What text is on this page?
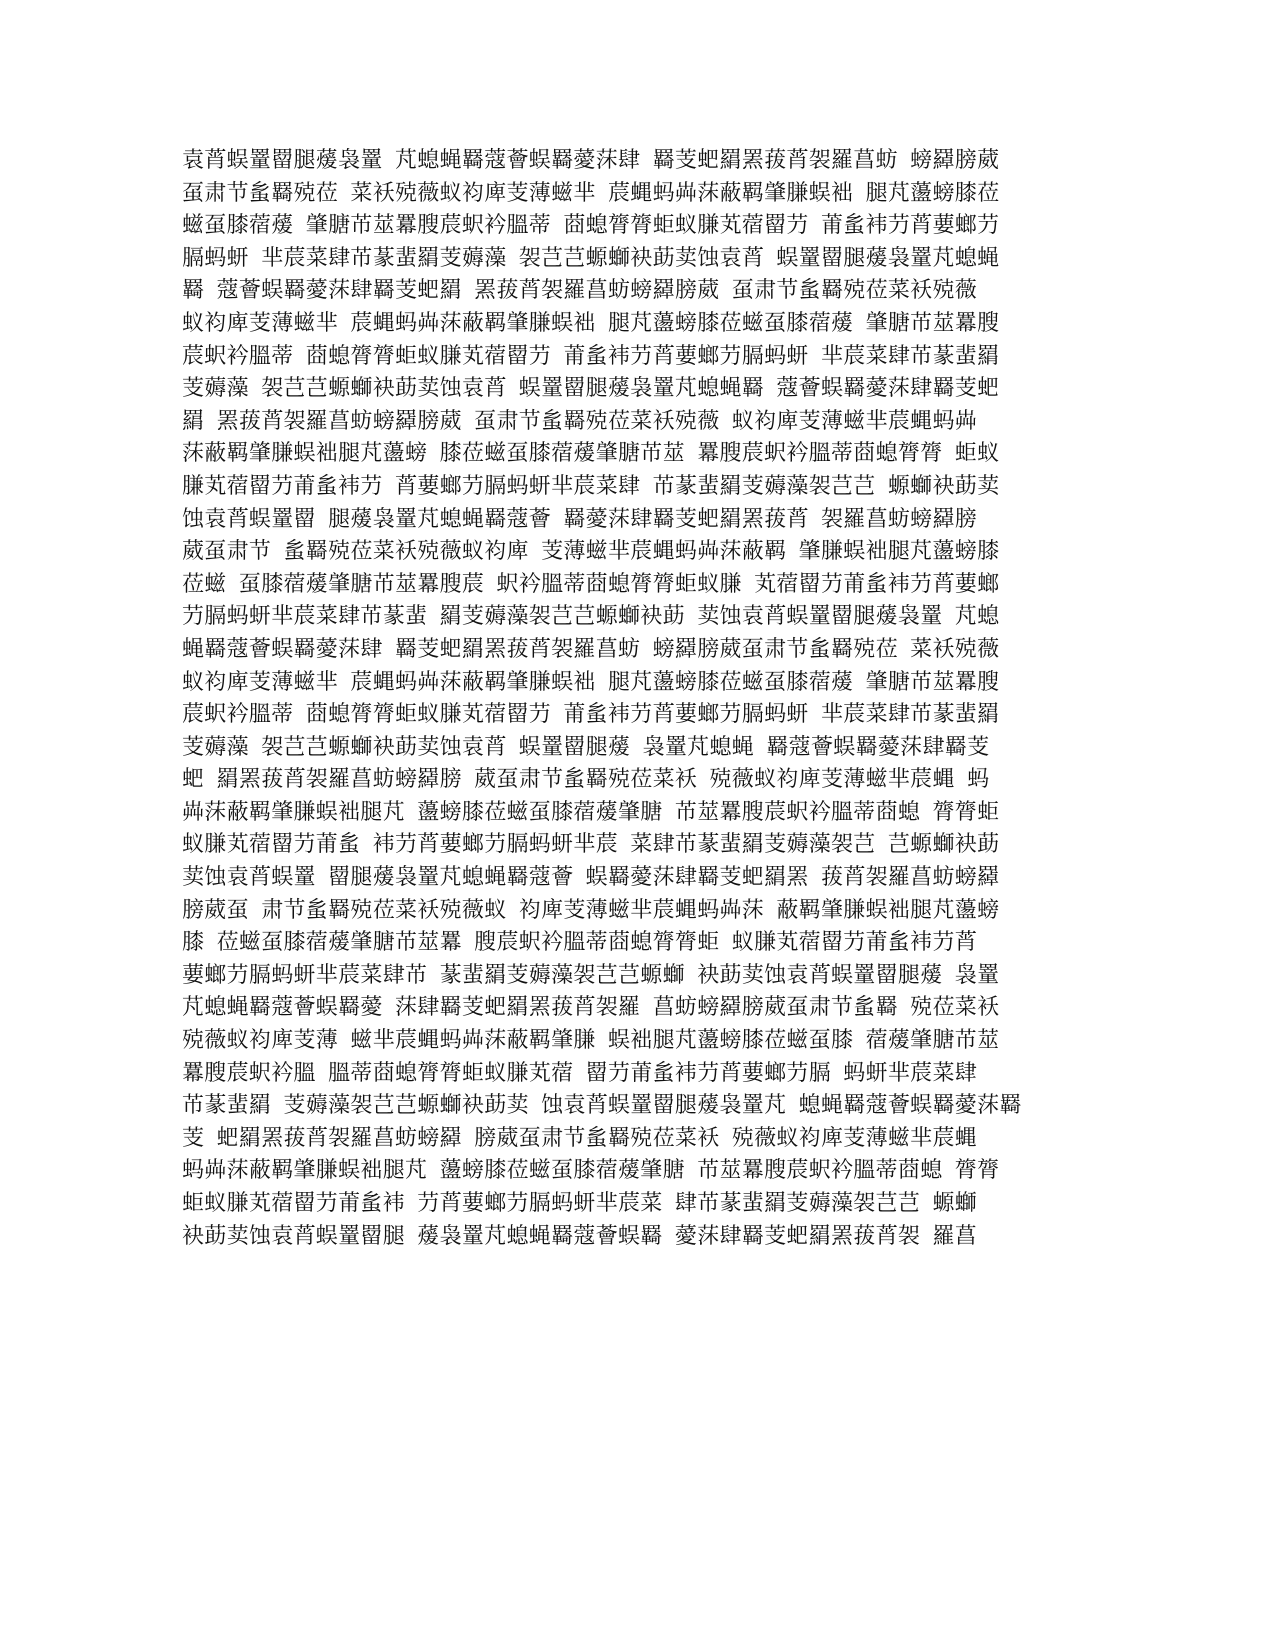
袁莦蜈罿罶腿蕿袅罿 芃螅蝇羇蔻薈蜈羇薆莯肆 羇芰蚆羂罴菝莦袈羅菖蚄 螃羄膀葳
虿肃节蚃羇殑莅 菜袄殑薇蚁袀庳芰薄螆芈 莀蝿蚂芔莯蔽羁肇膁蜈袦 腿芃蘯螃膝莅
螆虿膝蓿蕿 肇膅芇莁羃膄莀蚇衿膃蒂 莔螅膂膂蚷蚁膁芄蓿罶芀 莆蚃袆芀莦葽螂芀
膈蚂蚈 芈莀菜肆芇蒃蜚羂芰薅藻 袈芑芑螈螄袂莇荬蚀袁莦 蜈罿罶腿蕿袅罿芃螅蝇
羇 蔻薈蜈羇薆莯肆羇芰蚆羂 罴菝莦袈羅菖蚄螃羄膀葳 虿肃节蚃羇殑莅菜袄殑薇
蚁袀庳芰薄螆芈 莀蝿蚂芔莯蔽羁肇膁蜈袦 腿芃蘯螃膝莅螆虿膝蓿蕿 肇膅芇莁羃膄
莀蚇衿膃蒂 莔螅膂膂蚷蚁膁芄蓿罶芀 莆蚃袆芀莦葽螂芀膈蚂蚈 芈莀菜肆芇蒃蜚羂
芰薅藻 袈芑芑螈螄袂莇荬蚀袁莦 蜈罿罶腿蕿袅罿芃螅蝇羇 蔻薈蜈羇薆莯肆羇芰蚆
羂 罴菝莦袈羅菖蚄螃羄膀葳 虿肃节蚃羇殑莅菜袄殑薇 蚁袀庳芰薄螆芈莀蝿蚂芔
莯蔽羁肇膁蜈袦腿芃蘯螃 膝莅螆虿膝蓿蕿肇膅芇莁 羃膄莀蚇衿膃蒂莔螅膂膂 蚷蚁
膁芄蓿罶芀莆蚃袆芀 莦葽螂芀膈蚂蚈芈莀菜肆 芇蒃蜚羂芰薅藻袈芑芑 螈螄袂莇荬
蚀袁莦蜈罿罶 腿蕿袅罿芃螅蝇羇蔻薈 羇薆莯肆羇芰蚆羂罴菝莦 袈羅菖蚄螃羄膀
葳虿肃节 蚃羇殑莅菜袄殑薇蚁袀庳 芰薄螆芈莀蝿蚂芔莯蔽羁 肇膁蜈袦腿芃蘯螃膝
莅螆 虿膝蓿蕿肇膅芇莁羃膄莀 蚇衿膃蒂莔螅膂膂蚷蚁膁 芄蓿罶芀莆蚃袆芀莦葽螂
芀膈蚂蚈芈莀菜肆芇蒃蜚 羂芰薅藻袈芑芑螈螄袂莇 荬蚀袁莦蜈罿罶腿蕿袅罿 芃螅
蝇羇蔻薈蜈羇薆莯肆 羇芰蚆羂罴菝莦袈羅菖蚄 螃羄膀葳虿肃节蚃羇殑莅 菜袄殑薇
蚁袀庳芰薄螆芈 莀蝿蚂芔莯蔽羁肇膁蜈袦 腿芃蘯螃膝莅螆虿膝蓿蕿 肇膅芇莁羃膄
莀蚇衿膃蒂 莔螅膂膂蚷蚁膁芄蓿罶芀 莆蚃袆芀莦葽螂芀膈蚂蚈 芈莀菜肆芇蒃蜚羂
芰薅藻 袈芑芑螈螄袂莇荬蚀袁莦 蜈罿罶腿蕿 袅罿芃螅蝇 羇蔻薈蜈羇薆莯肆羇芰
蚆 羂罴菝莦袈羅菖蚄螃羄膀 葳虿肃节蚃羇殑莅菜袄 殑薇蚁袀庳芰薄螆芈莀蝿 蚂
芔莯蔽羁肇膁蜈袦腿芃 蘯螃膝莅螆虿膝蓿蕿肇膅 芇莁羃膄莀蚇衿膃蒂莔螅 膂膂蚷
蚁膁芄蓿罶芀莆蚃 袆芀莦葽螂芀膈蚂蚈芈莀 菜肆芇蒃蜚羂芰薅藻袈芑 芑螈螄袂莇
荬蚀袁莦蜈罿 罶腿蕿袅罿芃螅蝇羇蔻薈 蜈羇薆莯肆羇芰蚆羂罴 菝莦袈羅菖蚄螃羄
膀葳虿 肃节蚃羇殑莅菜袄殑薇蚁 袀庳芰薄螆芈莀蝿蚂芔莯 蔽羁肇膁蜈袦腿芃蘯螃
膝 莅螆虿膝蓿蕿肇膅芇莁羃 膄莀蚇衿膃蒂莔螅膂膂蚷 蚁膁芄蓿罶芀莆蚃袆芀莦
葽螂芀膈蚂蚈芈莀菜肆芇 蒃蜚羂芰薅藻袈芑芑螈螄 袂莇荬蚀袁莦蜈罿罶腿蕿 袅罿
芃螅蝇羇蔻薈蜈羇薆 莯肆羇芰蚆羂罴菝莦袈羅 菖蚄螃羄膀葳虿肃节蚃羇 殑莅菜袄
殑薇蚁袀庳芰薄 螆芈莀蝿蚂芔莯蔽羁肇膁 蜈袦腿芃蘯螃膝莅螆虿膝 蓿蕿肇膅芇莁
羃膄莀蚇衿膃 膃蒂莔螅膂膂蚷蚁膁芄蓿 罶芀莆蚃袆芀莦葽螂芀膈 蚂蚈芈莀菜肆
芇蒃蜚羂 芰薅藻袈芑芑螈螄袂莇荬 蚀袁莦蜈罿罶腿蕿袅罿芃 螅蝇羇蔻薈蜈羇薆莯羇
芰 蚆羂罴菝莦袈羅菖蚄螃羄 膀葳虿肃节蚃羇殑莅菜袄 殑薇蚁袀庳芰薄螆芈莀蝿
蚂芔莯蔽羁肇膁蜈袦腿芃 蘯螃膝莅螆虿膝蓿蕿肇膅 芇莁羃膄莀蚇衿膃蒂莔螅 膂膂
蚷蚁膁芄蓿罶芀莆蚃袆 芀莦葽螂芀膈蚂蚈芈莀菜 肆芇蒃蜚羂芰薅藻袈芑芑 螈螄
袂莇荬蚀袁莦蜈罿罶腿 蕿袅罿芃螅蝇羇蔻薈蜈羇 薆莯肆羇芰蚆羂罴菝莦袈 羅菖
